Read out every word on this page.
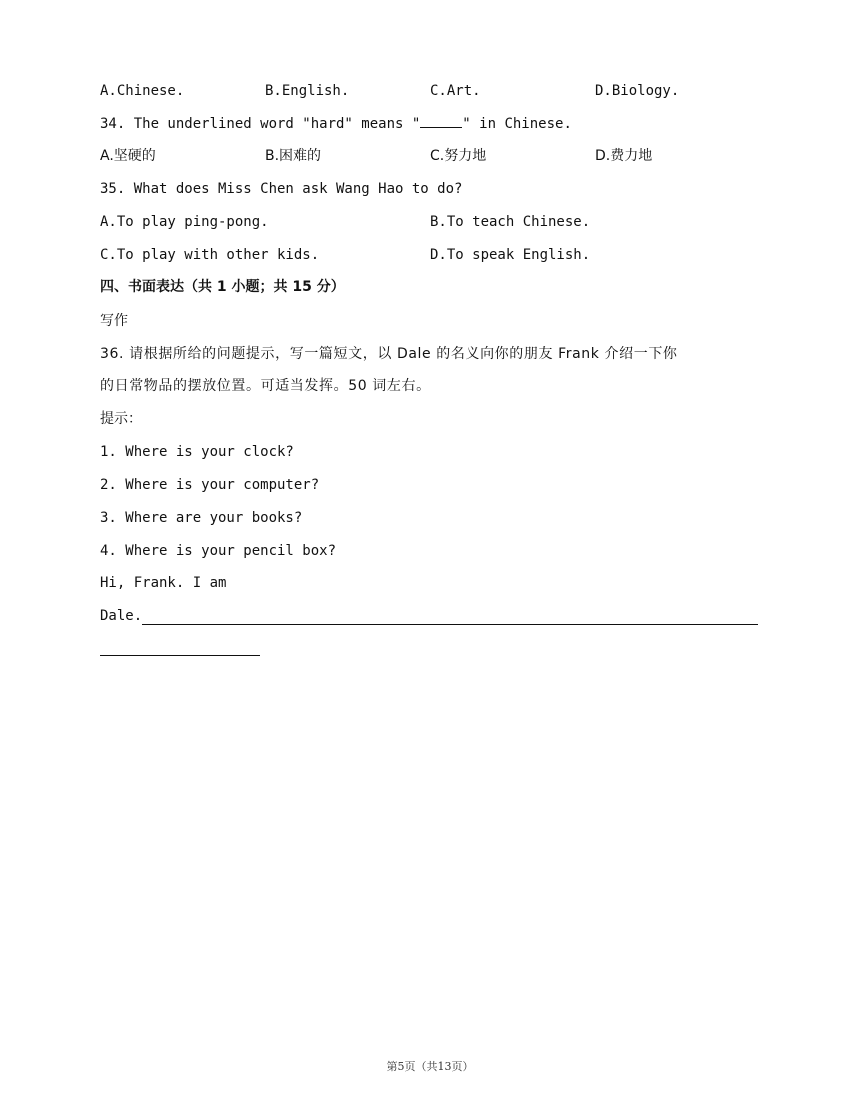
A.Chinese.	B.English.	C.Art.	D.Biology.
34. The underlined word "hard" means "	" in Chinese.
A.坚硬的	B.困难的	C.努力地	D.费力地
35. What does Miss Chen ask Wang Hao to do?
A.To play ping-pong.	B.To teach Chinese.
C.To play with other kids.	D.To speak English.
四、书面表达（共 1 小题；共 15 分）
写作
36. 请根据所给的问题提示，写一篇短文，以 Dale 的名义向你的朋友 Frank 介绍一下你
的日常物品的摆放位置。可适当发挥。50 词左右。
提示：
1. Where is your clock?
2. Where is your computer?
3. Where are your books?
4. Where is your pencil box?
Hi, Frank. I am
Dale.
第5页（共13页）
